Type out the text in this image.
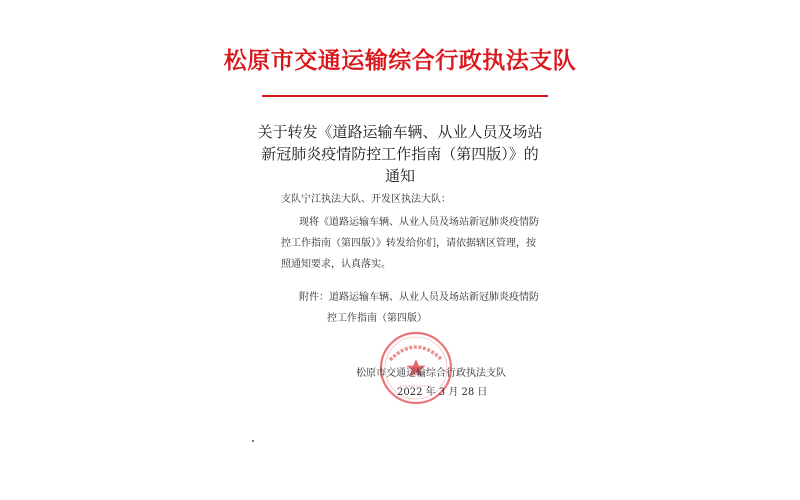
松原市交通运输综合行政执法支队
关于转发《道路运输车辆、从业人员及场站
新冠肺炎疫情防控工作指南（第四版）》的
通知
支队宁江执法大队、开发区执法大队：
现将《道路运输车辆、从业人员及场站新冠肺炎疫情防
控工作指南（第四版）》转发给你们，请依据辖区管理，按
照通知要求，认真落实。
附件：道路运输车辆、从业人员及场站新冠肺炎疫情防
控工作指南（第四版）
松原市交通运输综合行政执法支队
2022 年 3 月 28 日
